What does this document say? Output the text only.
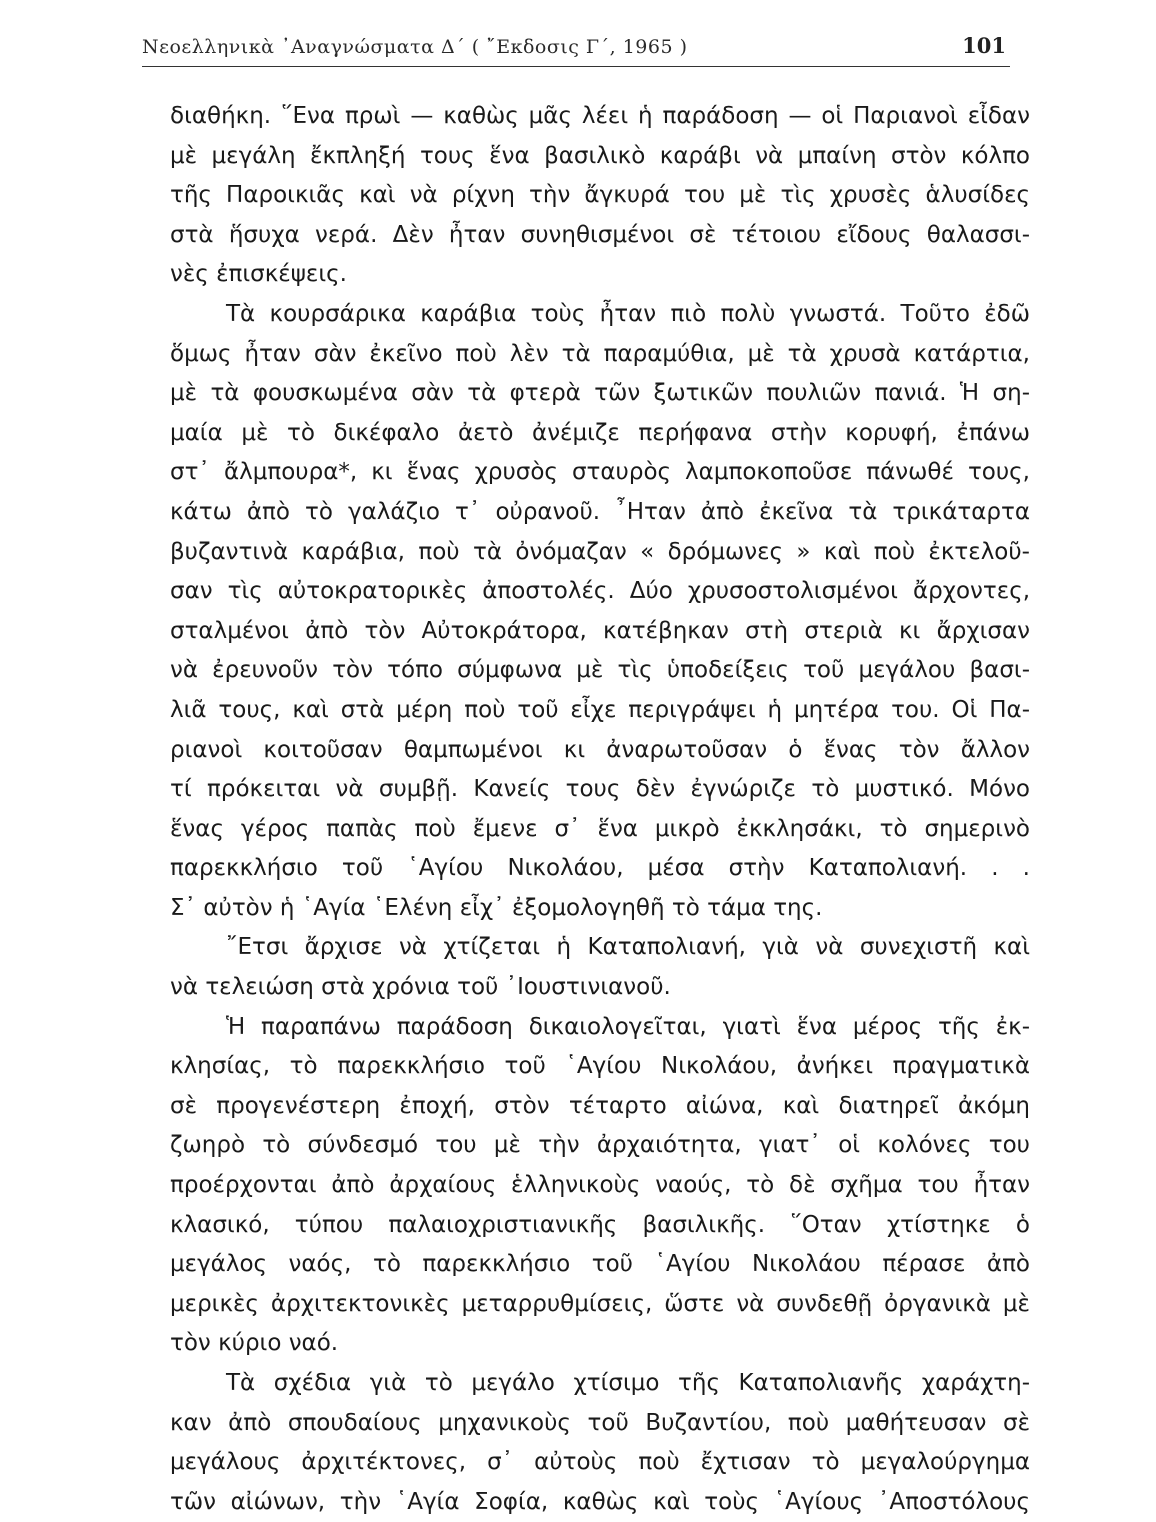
Νεοελληνικὰ ᾿Αναγνώσματα Δ΄ ( ῎Εκδοσις Γ΄, 1965 )	101
διαθήκη. ῞Ενα πρωὶ — καθὼς μᾶς λέει ἡ παράδοση — οἱ Παριανοὶ εἶδαν
μὲ μεγάλη ἔκπληξή τους ἕνα βασιλικὸ καράβι νὰ μπαίνη στὸν κόλπο
τῆς Παροικιᾶς καὶ νὰ ρίχνη τὴν ἄγκυρά του μὲ τὶς χρυσὲς ἁλυσίδες
στὰ ἥσυχα νερά. Δὲν ἦταν συνηθισμένοι σὲ τέτοιου εἴδους θαλασσι-
νὲς ἐπισκέψεις.
Τὰ κουρσάρικα καράβια τοὺς ἦταν πιὸ πολὺ γνωστά. Τοῦτο ἐδῶ
ὅμως ἦταν σὰν ἐκεῖνο ποὺ λὲν τὰ παραμύθια, μὲ τὰ χρυσὰ κατάρτια,
μὲ τὰ φουσκωμένα σὰν τὰ φτερὰ τῶν ξωτικῶν πουλιῶν πανιά. Ἡ ση-
μαία μὲ τὸ δικέφαλο ἀετὸ ἀνέμιζε περήφανα στὴν κορυφή, ἐπάνω
στ᾿ ἄλμπουρα*, κι ἕνας χρυσὸς σταυρὸς λαμποκοποῦσε πάνωθέ τους,
κάτω ἀπὸ τὸ γαλάζιο τ᾿ οὐρανοῦ. ῏Ηταν ἀπὸ ἐκεῖνα τὰ τρικάταρτα
βυζαντινὰ καράβια, ποὺ τὰ ὀνόμαζαν « δρόμωνες » καὶ ποὺ ἐκτελοῦ-
σαν τὶς αὐτοκρατορικὲς ἀποστολές. Δύο χρυσοστολισμένοι ἄρχοντες,
σταλμένοι ἀπὸ τὸν Αὐτοκράτορα, κατέβηκαν στὴ στεριὰ κι ἄρχισαν
νὰ ἐρευνοῦν τὸν τόπο σύμφωνα μὲ τὶς ὑποδείξεις τοῦ μεγάλου βασι-
λιᾶ τους, καὶ στὰ μέρη ποὺ τοῦ εἶχε περιγράψει ἡ μητέρα του. Οἱ Πα-
ριανοὶ κοιτοῦσαν θαμπωμένοι κι ἀναρωτοῦσαν ὁ ἕνας τὸν ἄλλον
τί πρόκειται νὰ συμβῇ. Κανείς τους δὲν ἐγνώριζε τὸ μυστικό. Μόνο
ἕνας γέρος παπὰς ποὺ ἔμενε σ᾿ ἕνα μικρὸ ἐκκλησάκι, τὸ σημερινὸ
παρεκκλήσιο τοῦ ῾Αγίου Νικολάου, μέσα στὴν Καταπολιανή. . .
Σ᾿ αὐτὸν ἡ ῾Αγία ῾Ελένη εἶχ᾿ ἐξομολογηθῆ τὸ τάμα της.
῎Ετσι ἄρχισε νὰ χτίζεται ἡ Καταπολιανή, γιὰ νὰ συνεχιστῆ καὶ
νὰ τελειώση στὰ χρόνια τοῦ ᾿Ιουστινιανοῦ.
Ἡ παραπάνω παράδοση δικαιολογεῖται, γιατὶ ἕνα μέρος τῆς ἐκ-
κλησίας, τὸ παρεκκλήσιο τοῦ ῾Αγίου Νικολάου, ἀνήκει πραγματικὰ
σὲ προγενέστερη ἐποχή, στὸν τέταρτο αἰώνα, καὶ διατηρεῖ ἀκόμη
ζωηρὸ τὸ σύνδεσμό του μὲ τὴν ἀρχαιότητα, γιατ᾿ οἱ κολόνες του
προέρχονται ἀπὸ ἀρχαίους ἑλληνικοὺς ναούς, τὸ δὲ σχῆμα του ἦταν
κλασικό, τύπου παλαιοχριστιανικῆς βασιλικῆς. ῞Οταν χτίστηκε ὁ
μεγάλος ναός, τὸ παρεκκλήσιο τοῦ ῾Αγίου Νικολάου πέρασε ἀπὸ
μερικὲς ἀρχιτεκτονικὲς μεταρρυθμίσεις, ὥστε νὰ συνδεθῇ ὀργανικὰ μὲ
τὸν κύριο ναό.
Τὰ σχέδια γιὰ τὸ μεγάλο χτίσιμο τῆς Καταπολιανῆς χαράχτη-
καν ἀπὸ σπουδαίους μηχανικοὺς τοῦ Βυζαντίου, ποὺ μαθήτευσαν σὲ
μεγάλους ἀρχιτέκτονες, σ᾿ αὐτοὺς ποὺ ἔχτισαν τὸ μεγαλούργημα
τῶν αἰώνων, τὴν ῾Αγία Σοφία, καθὼς καὶ τοὺς ῾Αγίους ᾿Αποστόλους
